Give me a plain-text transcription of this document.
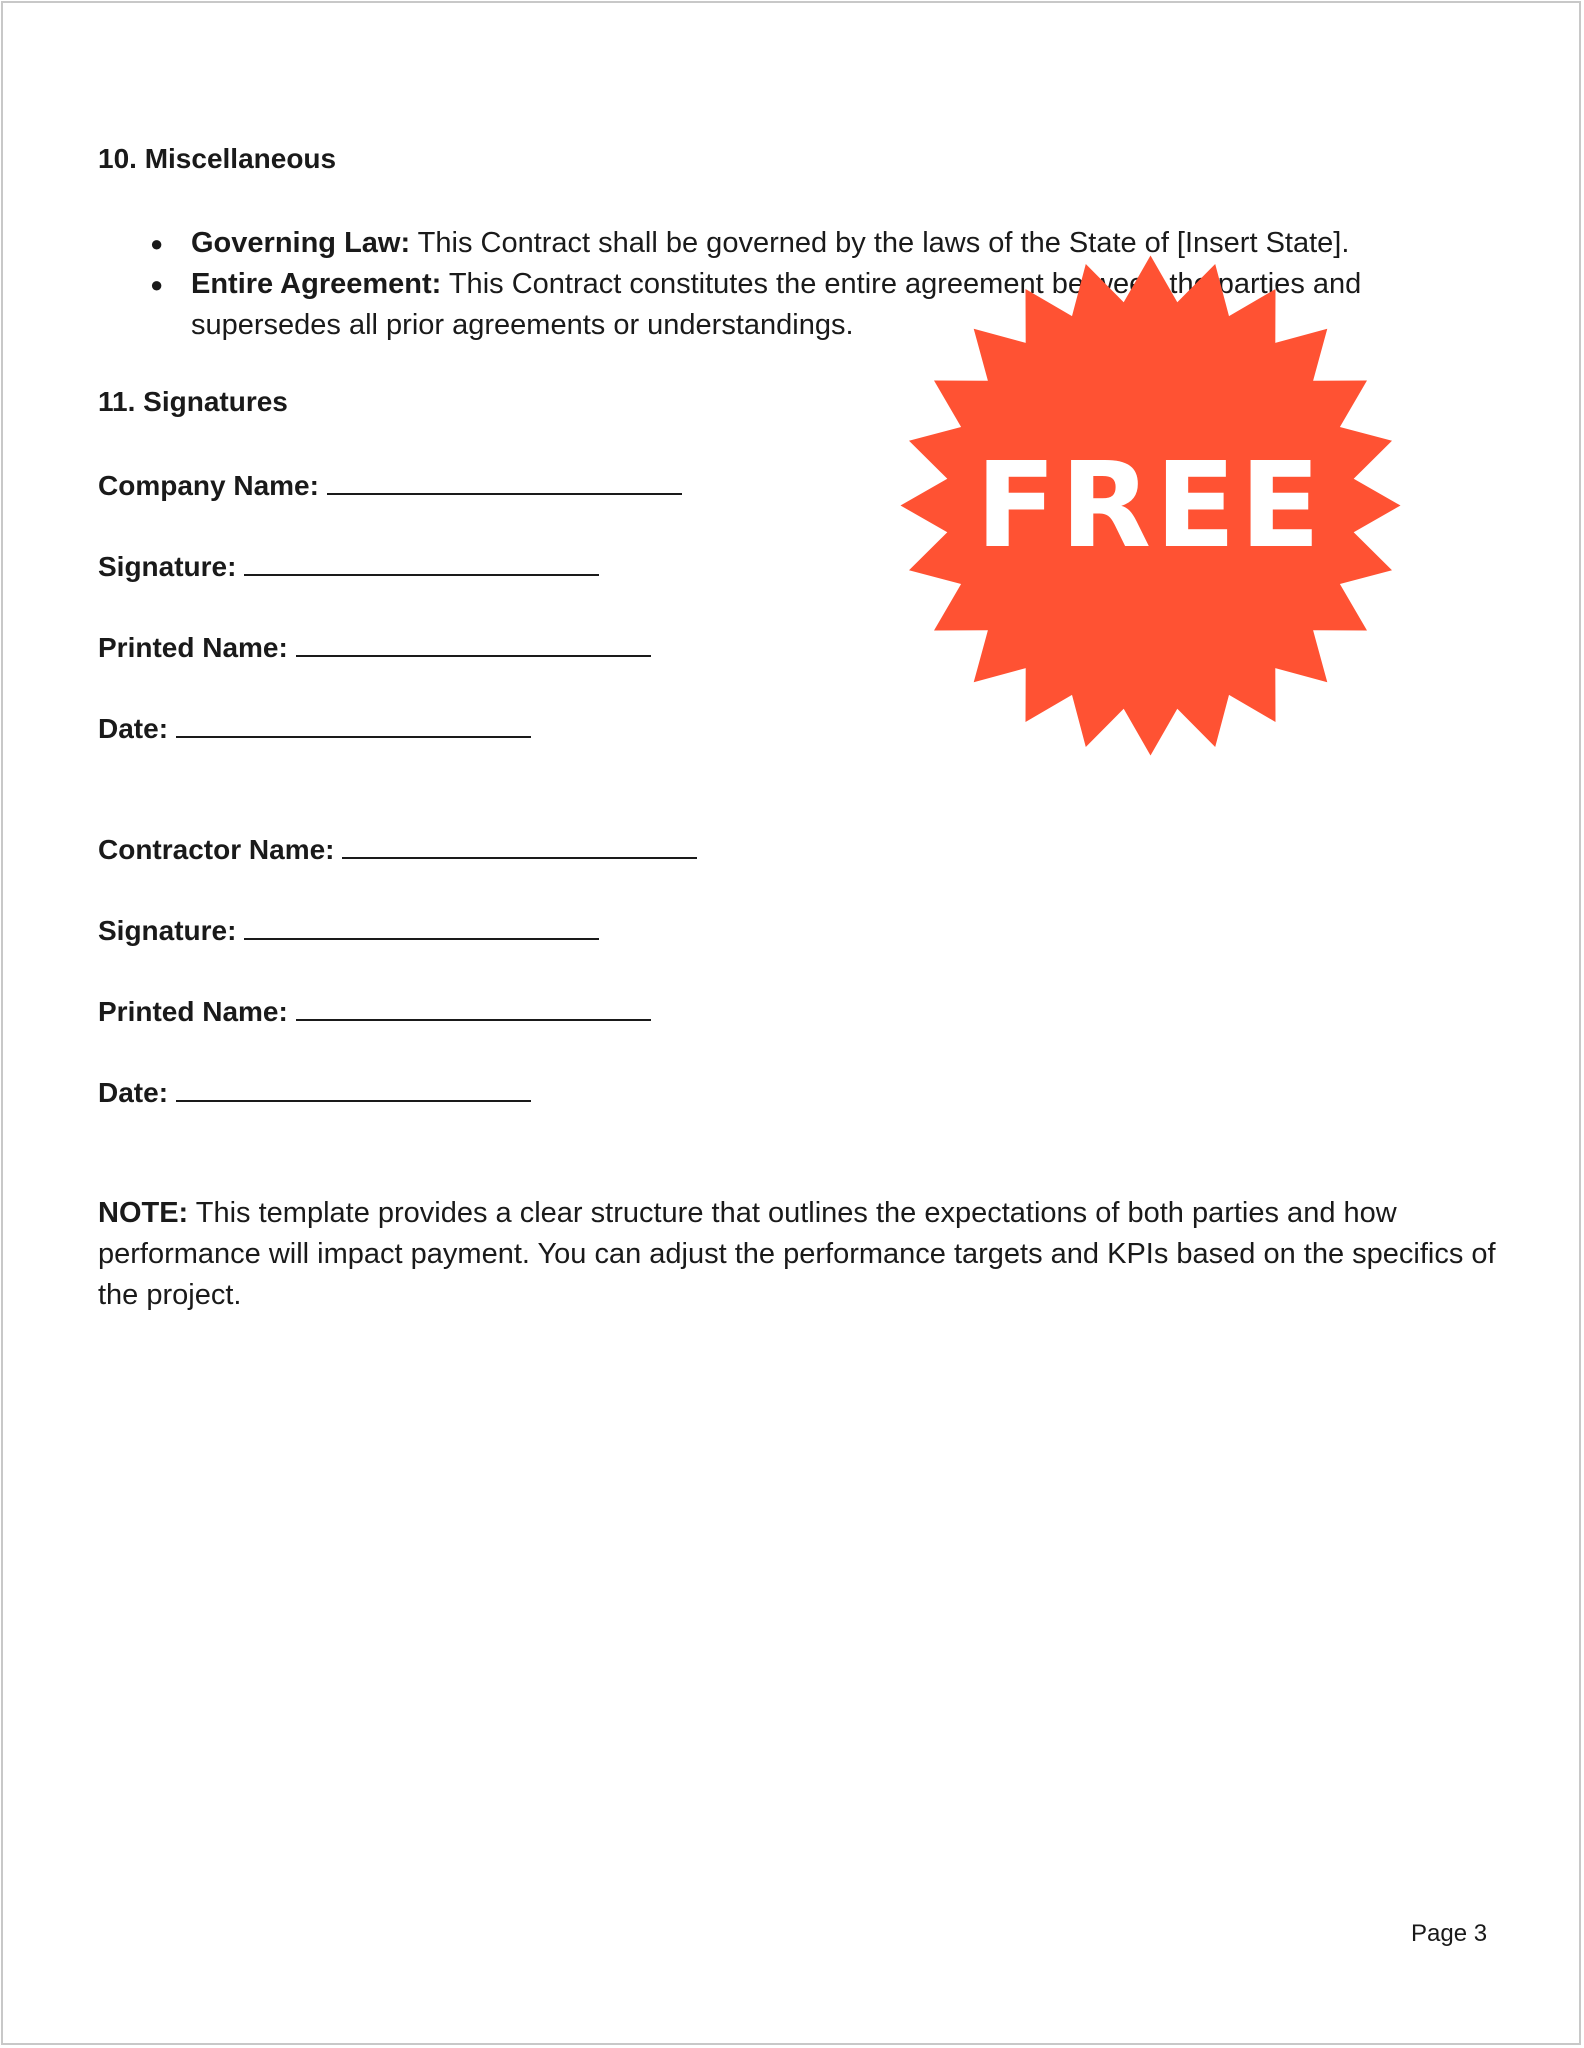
10. Miscellaneous
● Governing Law: This Contract shall be governed by the laws of the State of [Insert State].
● Entire Agreement: This Contract constitutes the entire agreement between the parties and supersedes all prior agreements or understandings.
11. Signatures
Company Name:
Signature:
Printed Name:
Date:
Contractor Name:
Signature:
Printed Name:
Date:

NOTE: This template provides a clear structure that outlines the expectations of both parties and how performance will impact payment. You can adjust the performance targets and KPIs based on the specifics of the project.

Page 3
FREE
